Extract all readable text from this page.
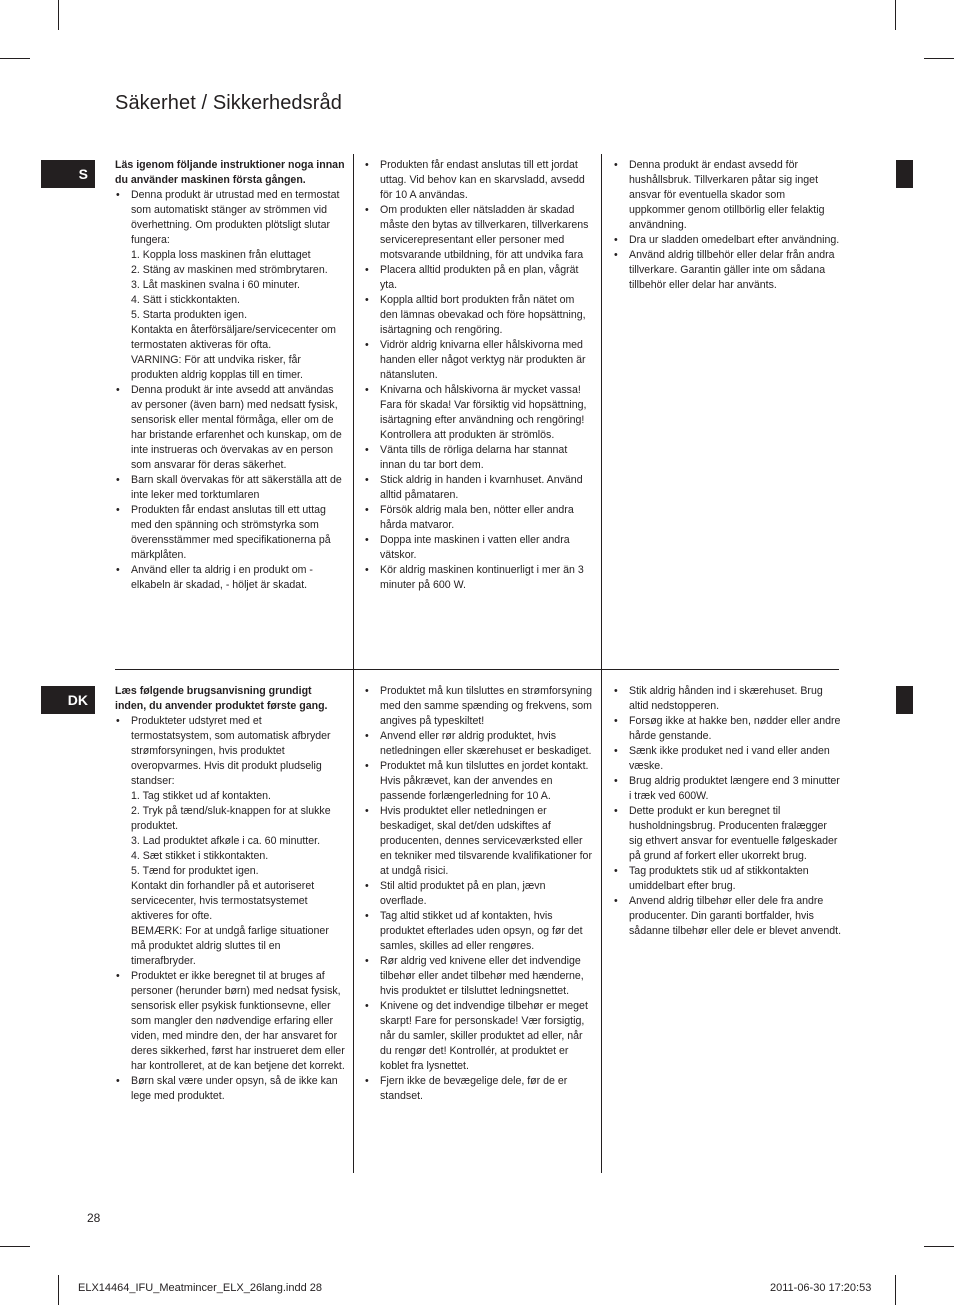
Säkerhet / Sikkerhedsråd
S

Läs igenom följande instruktioner noga innan du använder maskinen första gången.

• Denna produkt är utrustad med en termostat som automatiskt stänger av strömmen vid överhettning. Om produkten plötsligt slutar fungera:
1. Koppla loss maskinen från eluttaget
2. Stäng av maskinen med strömbrytaren.
3. Låt maskinen svalna i 60 minuter.
4. Sätt i stickkontakten.
5. Starta produkten igen.
Kontakta en återförsäljare/servicecenter om termostaten aktiveras för ofta.
VARNING: För att undvika risker, får produkten aldrig kopplas till en timer.
• Denna produkt är inte avsedd att användas av personer (även barn) med nedsatt fysisk, sensorisk eller mental förmåga, eller om de har bristande erfarenhet och kunskap, om de inte instrueras och övervakas av en person som ansvarar för deras säkerhet.
• Barn skall övervakas för att säkerställa att de inte leker med torktumlaren
• Produkten får endast anslutas till ett uttag med den spänning och strömstyrka som överensstämmer med specifikationerna på märkplåten.
• Använd eller ta aldrig i en produkt om -elkabeln är skadad, - höljet är skadat.
• Produkten får endast anslutas till ett jordat uttag. Vid behov kan en skarvsladd, avsedd för 10 A användas.
• Om produkten eller nätsladden är skadad måste den bytas av tillverkaren, tillverkarens servicerepresentant eller personer med motsvarande utbildning, för att undvika fara
• Placera alltid produkten på en plan, vågrät yta.
• Koppla alltid bort produkten från nätet om den lämnas obevakad och före hopsättning, isärtagning och rengöring.
• Vidrör aldrig knivarna eller hålskivorna med handen eller något verktyg när produkten är nätansluten.
• Knivarna och hålskivorna är mycket vassa! Fara för skada! Var försiktig vid hopsättning, isärtagning efter användning och rengöring! Kontrollera att produkten är strömlös.
• Vänta tills de rörliga delarna har stannat innan du tar bort dem.
• Stick aldrig in handen i kvarnhuset. Använd alltid påmataren.
• Försök aldrig mala ben, nötter eller andra hårda matvaror.
• Doppa inte maskinen i vatten eller andra vätskor.
• Kör aldrig maskinen kontinuerligt i mer än 3 minuter på 600 W.
• Denna produkt är endast avsedd för hushållsbruk. Tillverkaren påtar sig inget ansvar för eventuella skador som uppkommer genom otillbörlig eller felaktig användning.
• Dra ur sladden omedelbart efter användning.
• Använd aldrig tillbehör eller delar från andra tillverkare. Garantin gäller inte om sådana tillbehör eller delar har använts.
DK

Læs følgende brugsanvisning grundigt inden, du anvender produktet første gang.

• Produkteter udstyret med et termostatsystem, som automatisk afbryder strømforsyningen, hvis produktet overopvarmes. Hvis dit produkt pludselig standser:
1. Tag stikket ud af kontakten.
2. Tryk på tænd/sluk-knappen for at slukke produktet.
3. Lad produktet afkøle i ca. 60 minutter.
4. Sæt stikket i stikkontakten.
5. Tænd for produktet igen.
Kontakt din forhandler på et autoriseret servicecenter, hvis termostatsystemet aktiveres for ofte.
BEMÆRK: For at undgå farlige situationer må produktet aldrig sluttes til en timerafbryder.
• Produktet er ikke beregnet til at bruges af personer (herunder børn) med nedsat fysisk, sensorisk eller psykisk funktionsevne, eller som mangler den nødvendige erfaring eller viden, med mindre den, der har ansvaret for deres sikkerhed, først har instrueret dem eller har kontrolleret, at de kan betjene det korrekt.
• Børn skal være under opsyn, så de ikke kan lege med produktet.
• Produktet må kun tilsluttes en strømforsyning med den samme spænding og frekvens, som angives på typeskiltet!
• Anvend eller rør aldrig produktet, hvis netledningen eller skærehuset er beskadiget.
• Produktet må kun tilsluttes en jordet kontakt. Hvis påkrævet, kan der anvendes en passende forlængerledning for 10 A.
• Hvis produktet eller netledningen er beskadiget, skal det/den udskiftes af producenten, dennes serviceværksted eller en tekniker med tilsvarende kvalifikationer for at undgå risici.
• Stil altid produktet på en plan, jævn overflade.
• Tag altid stikket ud af kontakten, hvis produktet efterlades uden opsyn, og før det samles, skilles ad eller rengøres.
• Rør aldrig ved knivene eller det indvendige tilbehør eller andet tilbehør med hænderne, hvis produktet er tilsluttet ledningsnettet.
• Knivene og det indvendige tilbehør er meget skarpt! Fare for personskade! Vær forsigtig, når du samler, skiller produktet ad eller, når du rengør det! Kontrollér, at produktet er koblet fra lysnettet.
• Fjern ikke de bevægelige dele, før de er standset.
• Stik aldrig hånden ind i skærehuset. Brug altid nedstopperen.
• Forsøg ikke at hakke ben, nødder eller andre hårde genstande.
• Sænk ikke produket ned i vand eller anden væske.
• Brug aldrig produktet længere end 3 minutter i træk ved 600W.
• Dette produkt er kun beregnet til husholdningsbrug. Producenten fralægger sig ethvert ansvar for eventuelle følgeskader på grund af forkert eller ukorrekt brug.
• Tag produktets stik ud af stikkontakten umiddelbart efter brug.
• Anvend aldrig tilbehør eller dele fra andre producenter. Din garanti bortfalder, hvis sådanne tilbehør eller dele er blevet anvendt.
28
ELX14464_IFU_Meatmincer_ELX_26lang.indd 28	2011-06-30 17:20:53
